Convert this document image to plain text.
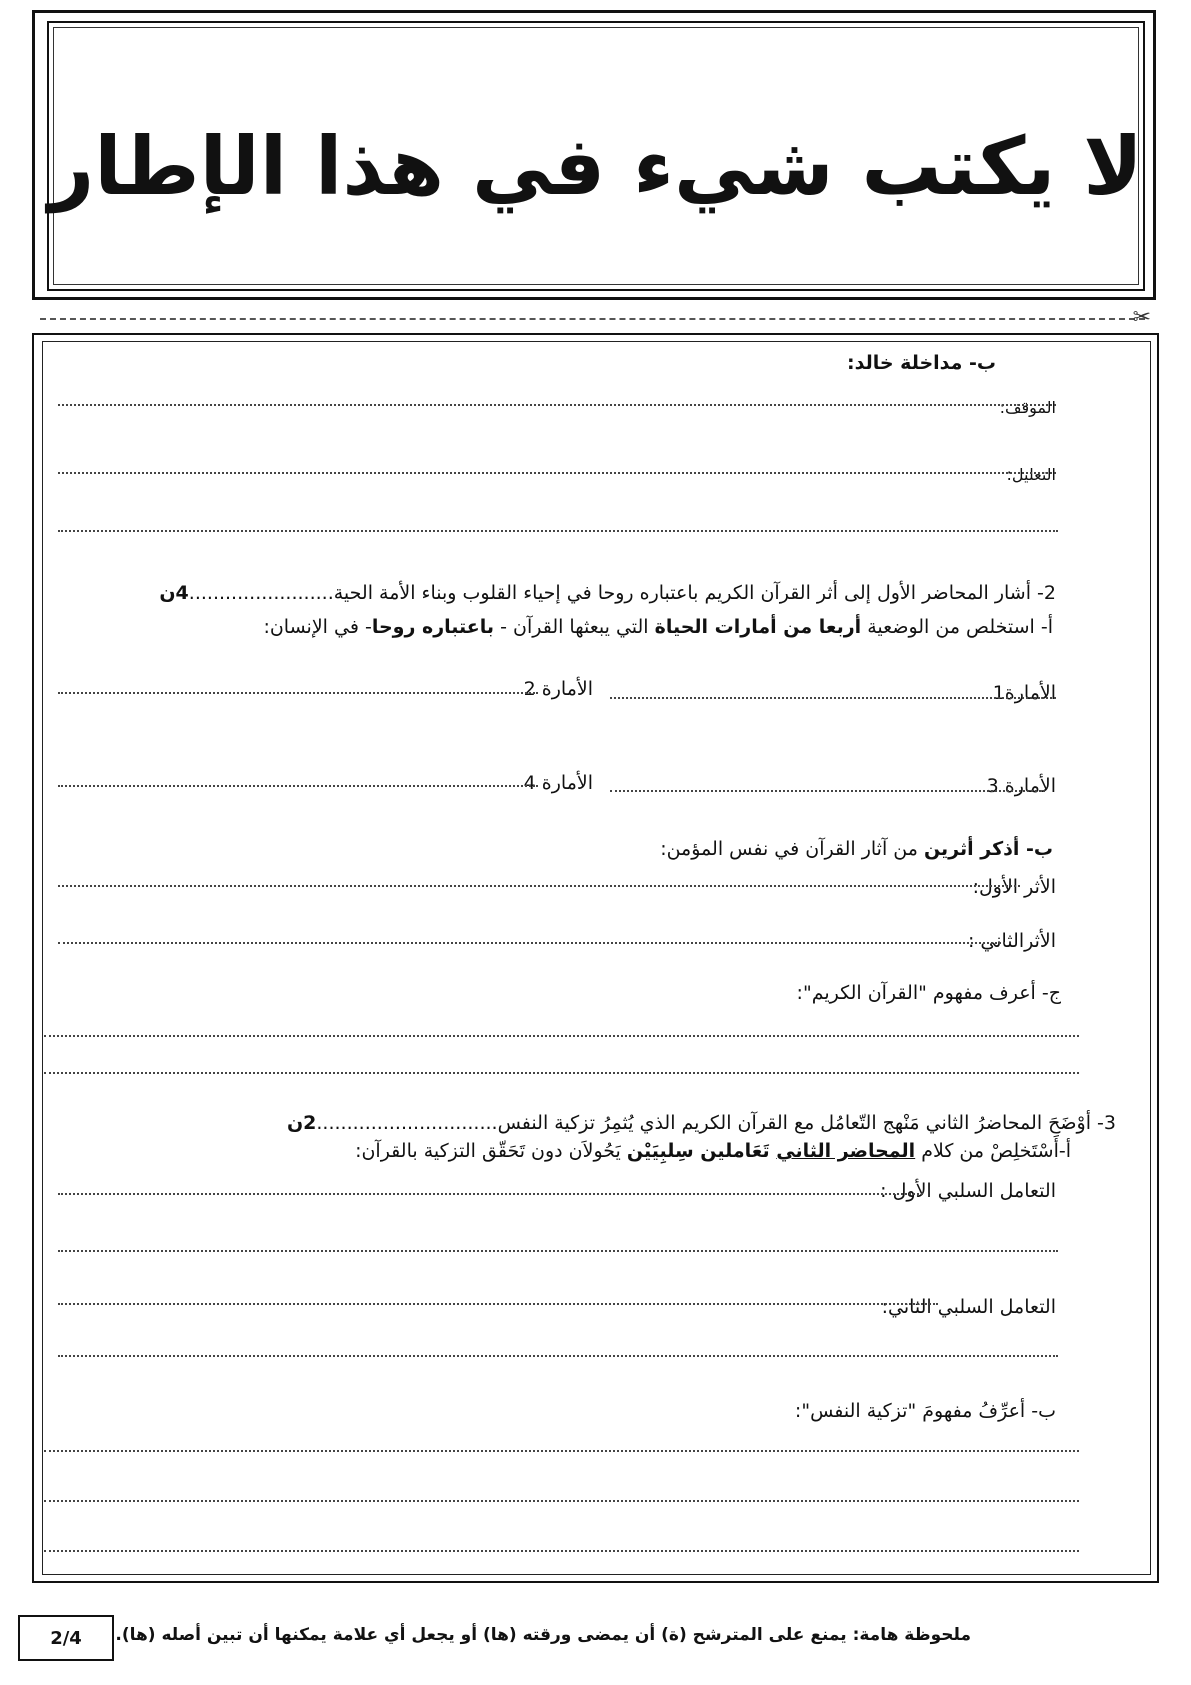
لا يكتب شيء في هذا الإطار
✂
ب- مداخلة خالد:
الموقف:
التعليل:
2- أشار المحاضر الأول إلى أثر القرآن الكريم باعتباره روحا في إحياء القلوب وبناء الأمة الحية........................4ن
أ- استخلص من الوضعية أربعا من أمارات الحياة التي يبعثها القرآن - باعتباره روحا- في الإنسان:
الأمارة1
الأمارة 2
الأمارة 3
الأمارة 4
ب- أذكر أثرين من آثار القرآن في نفس المؤمن:
الأثر الأول:
الأثرالثاني :
ج- أعرف مفهوم "القرآن الكريم":
3- أوْضَحَ المحاضرُ الثاني مَنْهج التّعامُل مع القرآن الكريم الذي يُثمِرُ تزكية النفس..............................2ن
أ-أَسْتَخلِصْ من كلام المحاضر الثاني تَعَاملين سِلبِيَيْن يَحُولاَن دون تَحَقّق التزكية بالقرآن:
التعامل السلبي الأول :
التعامل السلبي الثاني:
ب- أعرِّفُ مفهومَ "تزكية النفس":
2/4	ملحوظة هامة: يمنع على المترشح (ة) أن يمضى ورقته (ها) أو يجعل أي علامة يمكنها أن تبين أصله (ها).
